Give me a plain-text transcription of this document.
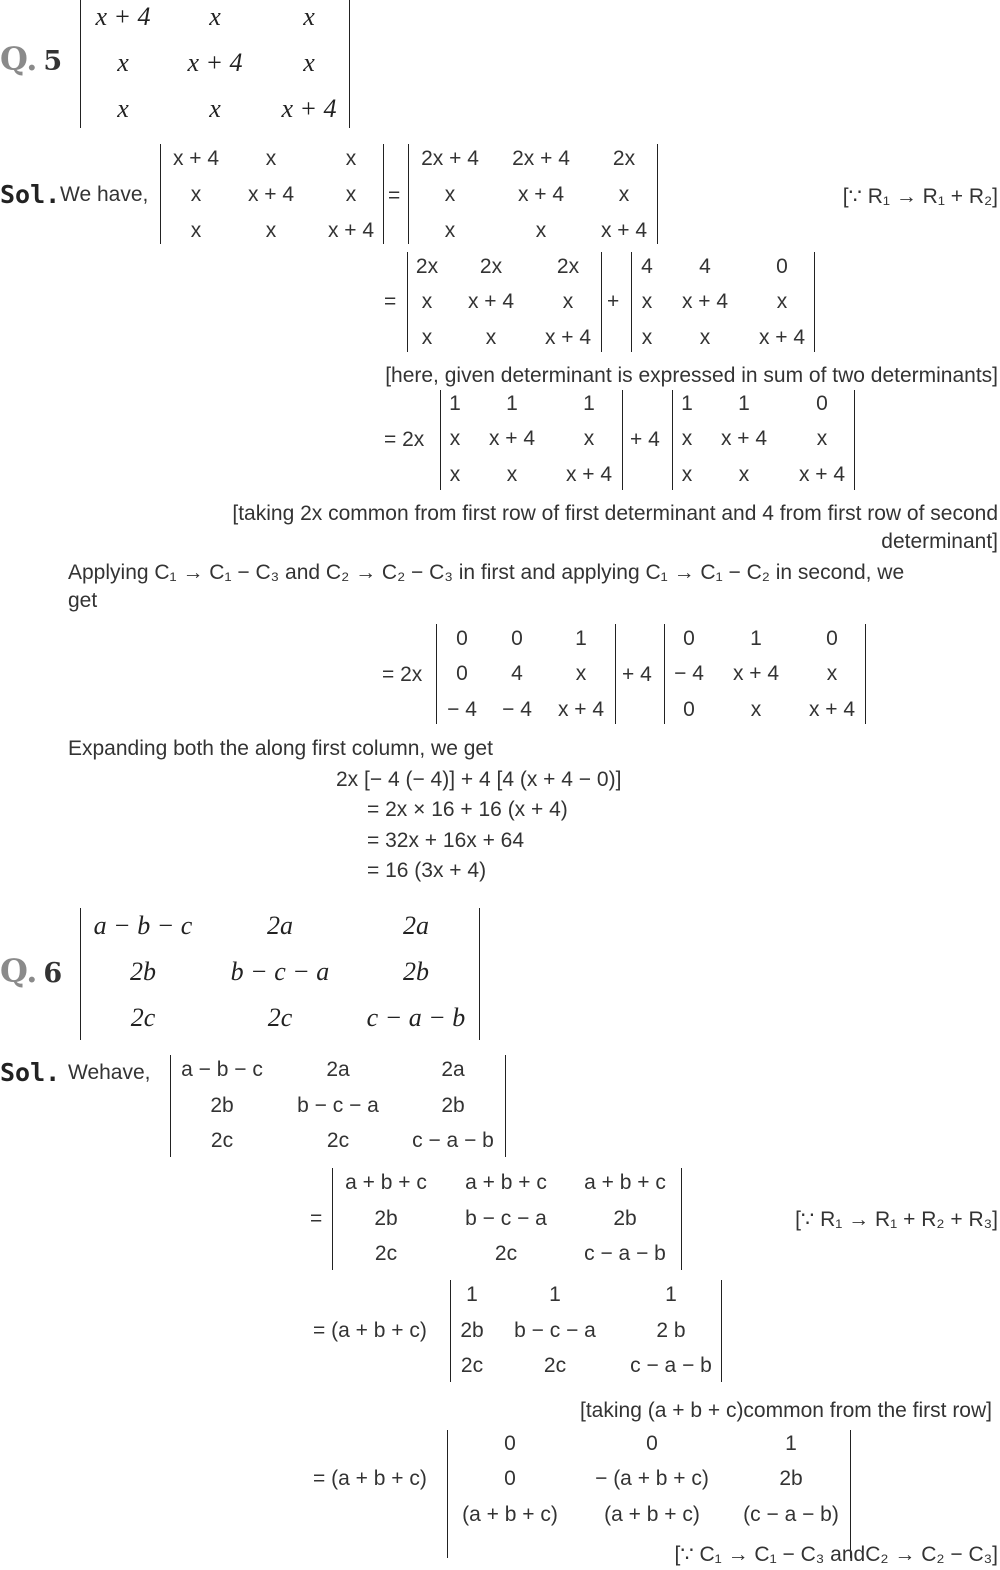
Q. 5
x + 4	x	x
x	x + 4	x
x	x	x + 4
Sol. We have,
x + 4	x	x
x	x + 4	x
x	x	x + 4
=
2x + 4	2x + 4	2x
x	x + 4	x
x	x	x + 4
[∵ R₁ → R₁ + R₂]
=
2x	2x	2x
x	x + 4	x
x	x	x + 4
+
4	4	0
x	x + 4	x
x	x	x + 4
[here, given determinant is expressed in sum of two determinants]
= 2x
1	1	1
x	x + 4	x
x	x	x + 4
+ 4
1	1	0
x	x + 4	x
x	x	x + 4
[taking 2x common from first row of first determinant and 4 from first row of second
determinant]
Applying C₁ → C₁ − C₃ and C₂ → C₂ − C₃ in first and applying C₁ → C₁ − C₂ in second, we
get
= 2x
0	0	1
0	4	x
− 4	− 4	x + 4
+ 4
0	1	0
− 4	x + 4	x
0	x	x + 4
Expanding both the along first column, we get
2x [− 4 (− 4)] + 4 [4 (x + 4 − 0)]
= 2x × 16 + 16 (x + 4)
= 32x + 16x + 64
= 16 (3x + 4)
Q. 6
a − b − c	2a	2a
2b	b − c − a	2b
2c	2c	c − a − b
Sol. Wehave,	a − b − c	2a	2a
2b	b − c − a	2b
2c	2c	c − a − b
=
a + b + c	a + b + c	a + b + c
2b	b − c − a	2b
2c	2c	c − a − b
[∵ R₁ → R₁ + R₂ + R₃]
= (a + b + c)
1	1	1
2b	b − c − a	2 b
2c	2c	c − a − b
[taking (a + b + c)common from the first row]
= (a + b + c)
0	0	1
0	− (a + b + c)	2b
(a + b + c)	(a + b + c)	(c − a − b)
[∵ C₁ → C₁ − C₃ andC₂ → C₂ − C₃]
